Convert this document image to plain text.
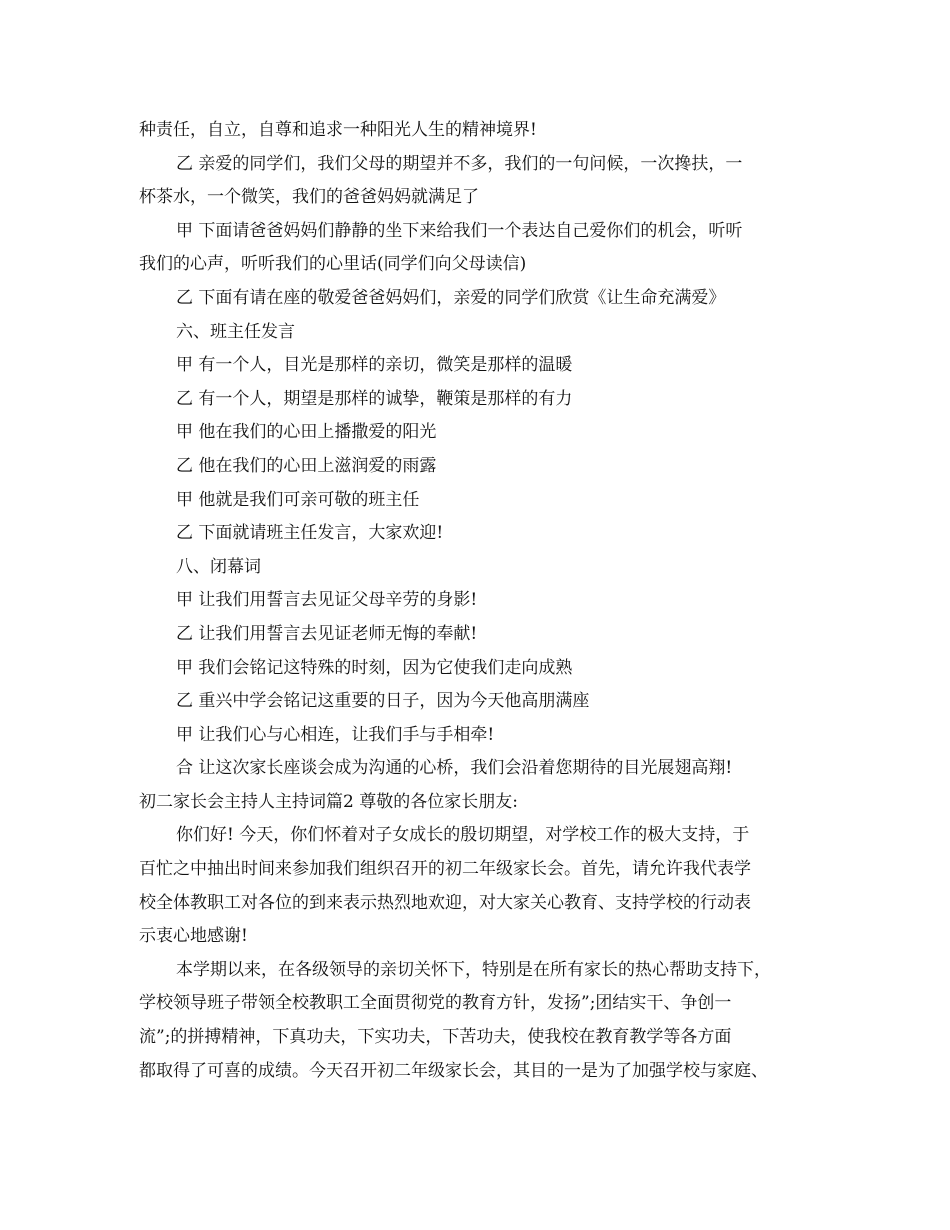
种责任，自立，自尊和追求一种阳光人生的精神境界!
乙 亲爱的同学们，我们父母的期望并不多，我们的一句问候，一次搀扶，一
杯茶水，一个微笑，我们的爸爸妈妈就满足了
甲 下面请爸爸妈妈们静静的坐下来给我们一个表达自己爱你们的机会，听听
我们的心声，听听我们的心里话(同学们向父母读信)
乙 下面有请在座的敬爱爸爸妈妈们，亲爱的同学们欣赏《让生命充满爱》
六、班主任发言
甲 有一个人，目光是那样的亲切，微笑是那样的温暖
乙 有一个人，期望是那样的诚挚，鞭策是那样的有力
甲 他在我们的心田上播撒爱的阳光
乙 他在我们的心田上滋润爱的雨露
甲 他就是我们可亲可敬的班主任
乙 下面就请班主任发言，大家欢迎!
八、闭幕词
甲 让我们用誓言去见证父母辛劳的身影!
乙 让我们用誓言去见证老师无悔的奉献!
甲 我们会铭记这特殊的时刻，因为它使我们走向成熟
乙 重兴中学会铭记这重要的日子，因为今天他高朋满座
甲 让我们心与心相连，让我们手与手相牵!
合 让这次家长座谈会成为沟通的心桥，我们会沿着您期待的目光展翅高翔!
初二家长会主持人主持词篇2 尊敬的各位家长朋友:
你们好! 今天，你们怀着对子女成长的殷切期望，对学校工作的极大支持，于
百忙之中抽出时间来参加我们组织召开的初二年级家长会。首先，请允许我代表学
校全体教职工对各位的到来表示热烈地欢迎，对大家关心教育、支持学校的行动表
示衷心地感谢!
本学期以来，在各级领导的亲切关怀下，特别是在所有家长的热心帮助支持下，
学校领导班子带领全校教职工全面贯彻党的教育方针，发扬”;团结实干、争创一
流”;的拼搏精神，下真功夫，下实功夫，下苦功夫，使我校在教育教学等各方面
都取得了可喜的成绩。今天召开初二年级家长会，其目的一是为了加强学校与家庭、
